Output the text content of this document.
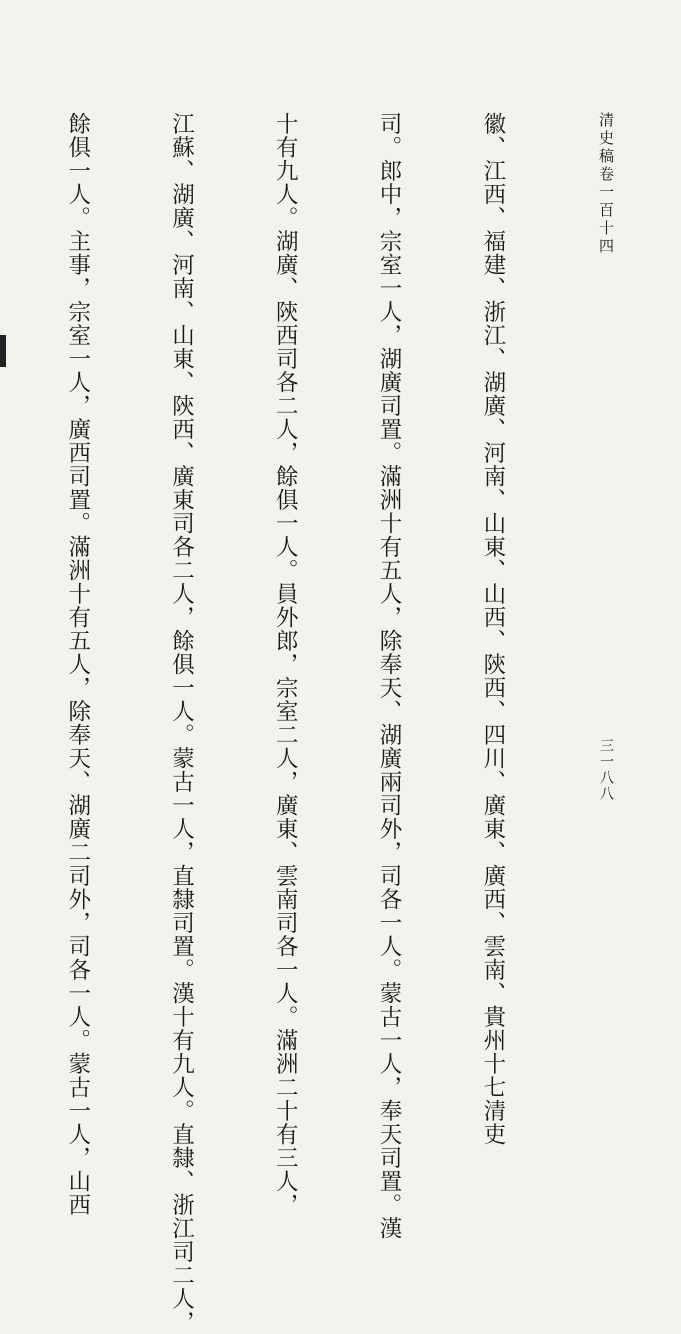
清史稿卷一百十四
三一八八

徽、江西、福建、浙江、湖廣、河南、山東、山西、陝西、四川、廣東、廣西、雲南、貴州十七清吏

司。郎中，宗室一人，湖廣司置。滿洲十有五人，除奉天、湖廣兩司外，司各一人。蒙古一人，奉天司置。漢

十有九人。湖廣、陝西司各二人，餘俱一人。員外郎，宗室二人，廣東、雲南司各一人。滿洲二十有三人，

江蘇、湖廣、河南、山東、陝西、廣東司各二人，餘俱一人。蒙古一人，直隸司置。漢十有九人。直隸、浙江司二人，

餘俱一人。主事，宗室一人，廣西司置。滿洲十有五人，除奉天、湖廣二司外，司各一人。蒙古一人，山西
